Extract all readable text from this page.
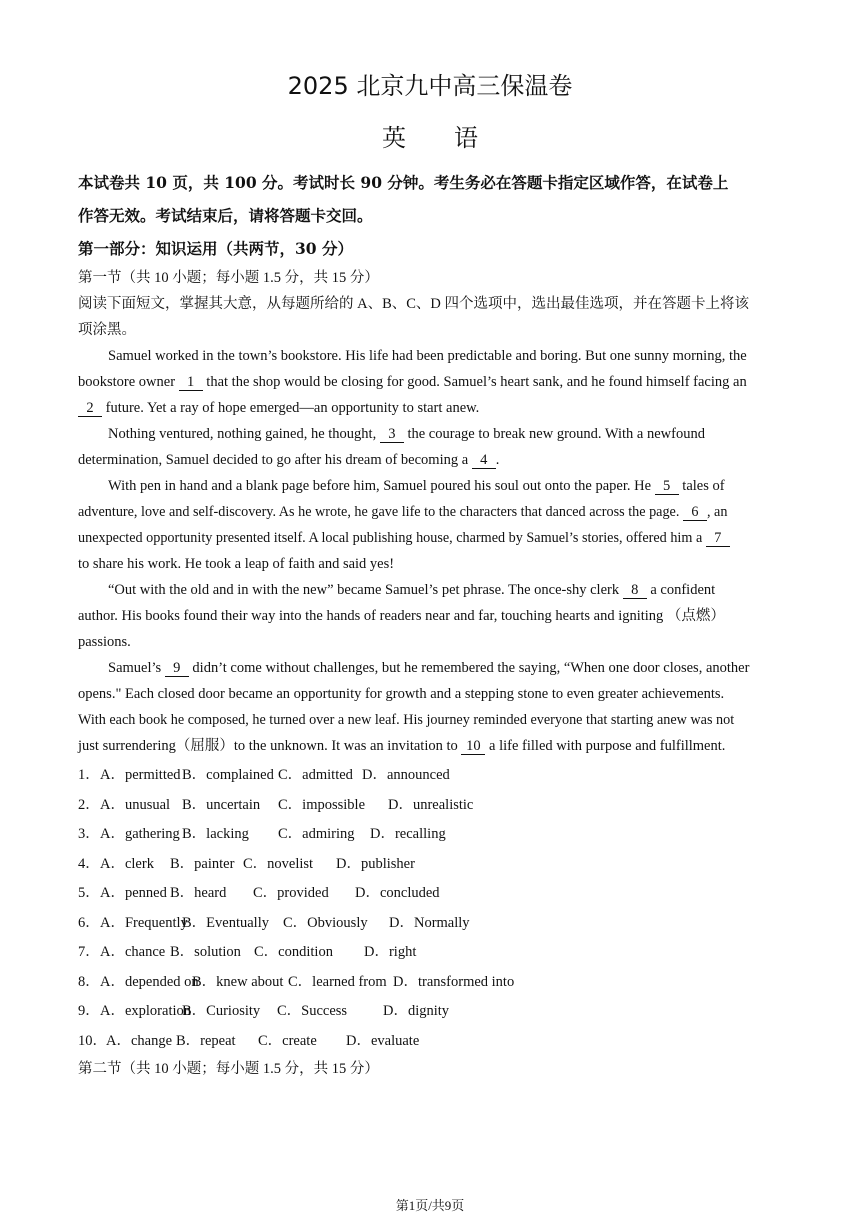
2025 北京九中高三保温卷
英 语
本试卷共 10 页，共 100 分。考试时长 90 分钟。考生务必在答题卡指定区域作答，在试卷上
作答无效。考试结束后，请将答题卡交回。
第一部分：知识运用（共两节，30 分）
第一节（共 10 小题；每小题 1.5 分，共 15 分）
阅读下面短文，掌握其大意，从每题所给的 A、B、C、D 四个选项中，选出最佳选项，并在答题卡上将该
项涂黑。
Samuel worked in the town’s bookstore. His life had been predictable and boring. But one sunny morning, the
bookstore owner 1 that the shop would be closing for good. Samuel’s heart sank, and he found himself facing an
2 future. Yet a ray of hope emerged—an opportunity to start anew.
Nothing ventured, nothing gained, he thought, 3 the courage to break new ground. With a newfound
determination, Samuel decided to go after his dream of becoming a 4 .
With pen in hand and a blank page before him, Samuel poured his soul out onto the paper. He 5 tales of
adventure, love and self-discovery. As he wrote, he gave life to the characters that danced across the page. 6 , an
unexpected opportunity presented itself. A local publishing house, charmed by Samuel’s stories, offered him a 7
to share his work. He took a leap of faith and said yes!
“Out with the old and in with the new” became Samuel’s pet phrase. The once-shy clerk 8 a confident
author. His books found their way into the hands of readers near and far, touching hearts and igniting （点燃）
passions.
Samuel’s 9 didn’t come without challenges, but he remembered the saying, “When one door closes, another
opens." Each closed door became an opportunity for growth and a stepping stone to even greater achievements.
With each book he composed, he turned over a new leaf. His journey reminded everyone that starting anew was not
just surrendering（屈服）to the unknown. It was an invitation to 10 a life filled with purpose and fulfillment.
1．A．permittedB．complained C．admitted D．announced
2．A．unusual B．uncertain C．impossible D．unrealistic
3．A．gathering B．lacking C．admiring D．recalling
4．A．clerk B．painter C．novelist D．publisher
5．A．penned B．heard C．provided D．concluded
6．A．FrequentlyB．Eventually C．Obviously D．Normally
7．A．chance B．solution C．condition D．right
8．A．depended onB．knew about C．learned from D．transformed into
9．A．explorationB．Curiosity C．Success D．dignity
10．A．change B．repeat C．create D．evaluate
第二节（共 10 小题；每小题 1.5 分，共 15 分）
第1页/共9页
